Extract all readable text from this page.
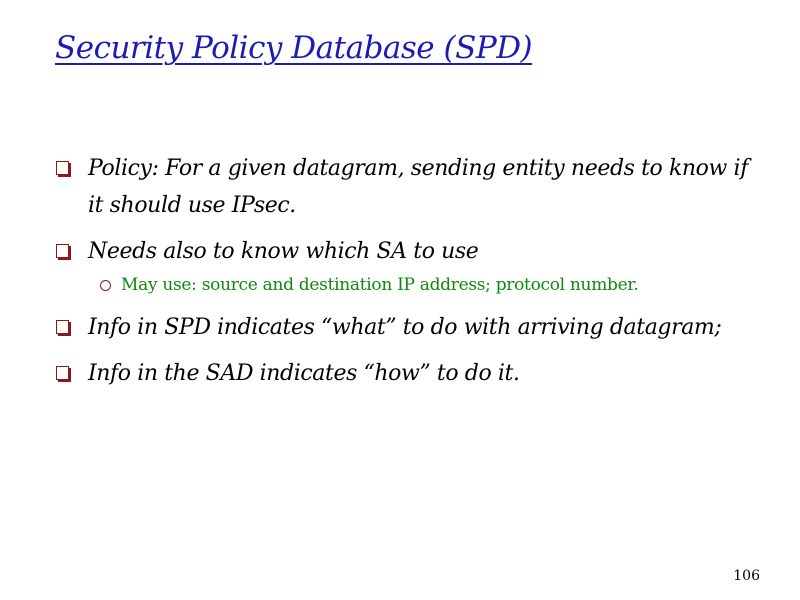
Security Policy Database (SPD)
Policy: For a given datagram, sending entity needs to know if it should use IPsec.
Needs also to know which SA to use
May use: source and destination IP address; protocol number.
Info in SPD indicates “what” to do with arriving datagram;
Info in the SAD indicates “how” to do it.
106
